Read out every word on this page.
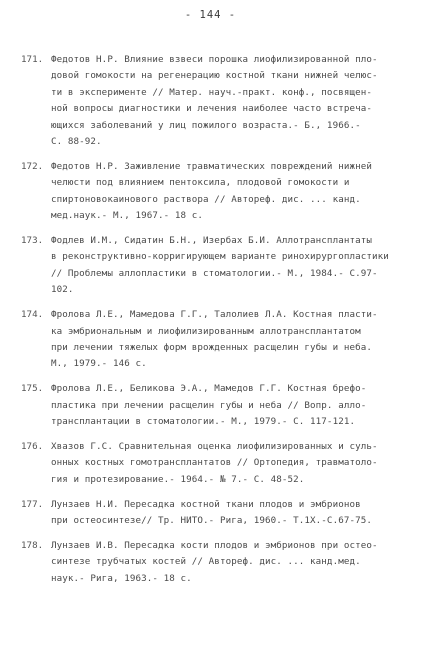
- 144 -
171. Федотов Н.Р. Влияние взвеси порошка лиофилизированной пло-
довой гомокости на регенерацию костной ткани нижней челюс-
ти в эксперименте // Матер. науч.-практ. конф., посвящен-
ной вопросы диагностики и лечения наиболее часто встреча-
ющихся заболеваний у лиц пожилого возраста.- Б., 1966.-
С. 88-92.
172. Федотов Н.Р. Заживление травматических повреждений нижней
челюсти под влиянием пентоксила, плодовой гомокости и
спиртоновокаинового раствора // Автореф. дис. ... канд.
мед.наук.- М., 1967.- 18 с.
173. Фодлев И.М., Сидатин Б.Н., Изербах Б.И. Аллотрансплантаты
в реконструктивно-корригирующем варианте ринохирургопластики
// Проблемы аллопластики в стоматологии.- М., 1984.- С.97-
102.
174. Фролова Л.Е., Мамедова Г.Г., Талолиев Л.А. Костная пласти-
ка эмбриональным и лиофилизированным аллотрансплантатом
при лечении тяжелых форм врожденных расщелин губы и неба.
М., 1979.- 146 с.
175. Фролова Л.Е., Беликова Э.А., Мамедов Г.Г. Костная брефо-
пластика при лечении расщелин губы и неба // Вопр. алло-
трансплантации в стоматологии.- М., 1979.- С. 117-121.
176. Хвазов Г.С. Сравнительная оценка лиофилизированных и суль-
онных костных гомотрансплантатов // Ортопедия, травматоло-
гия и протезирование.- 1964.- № 7.- С. 48-52.
177. Лунзаев Н.И. Пересадка костной ткани плодов и эмбрионов
при остеосинтезе// Тр. НИТО.- Рига, 1960.- Т.1Х.-С.67-75.
178. Лунзаев И.В. Пересадка кости плодов и эмбрионов при остео-
синтезе трубчатых костей // Автореф. дис. ... канд.мед.
наук.- Рига, 1963.- 18 с.
